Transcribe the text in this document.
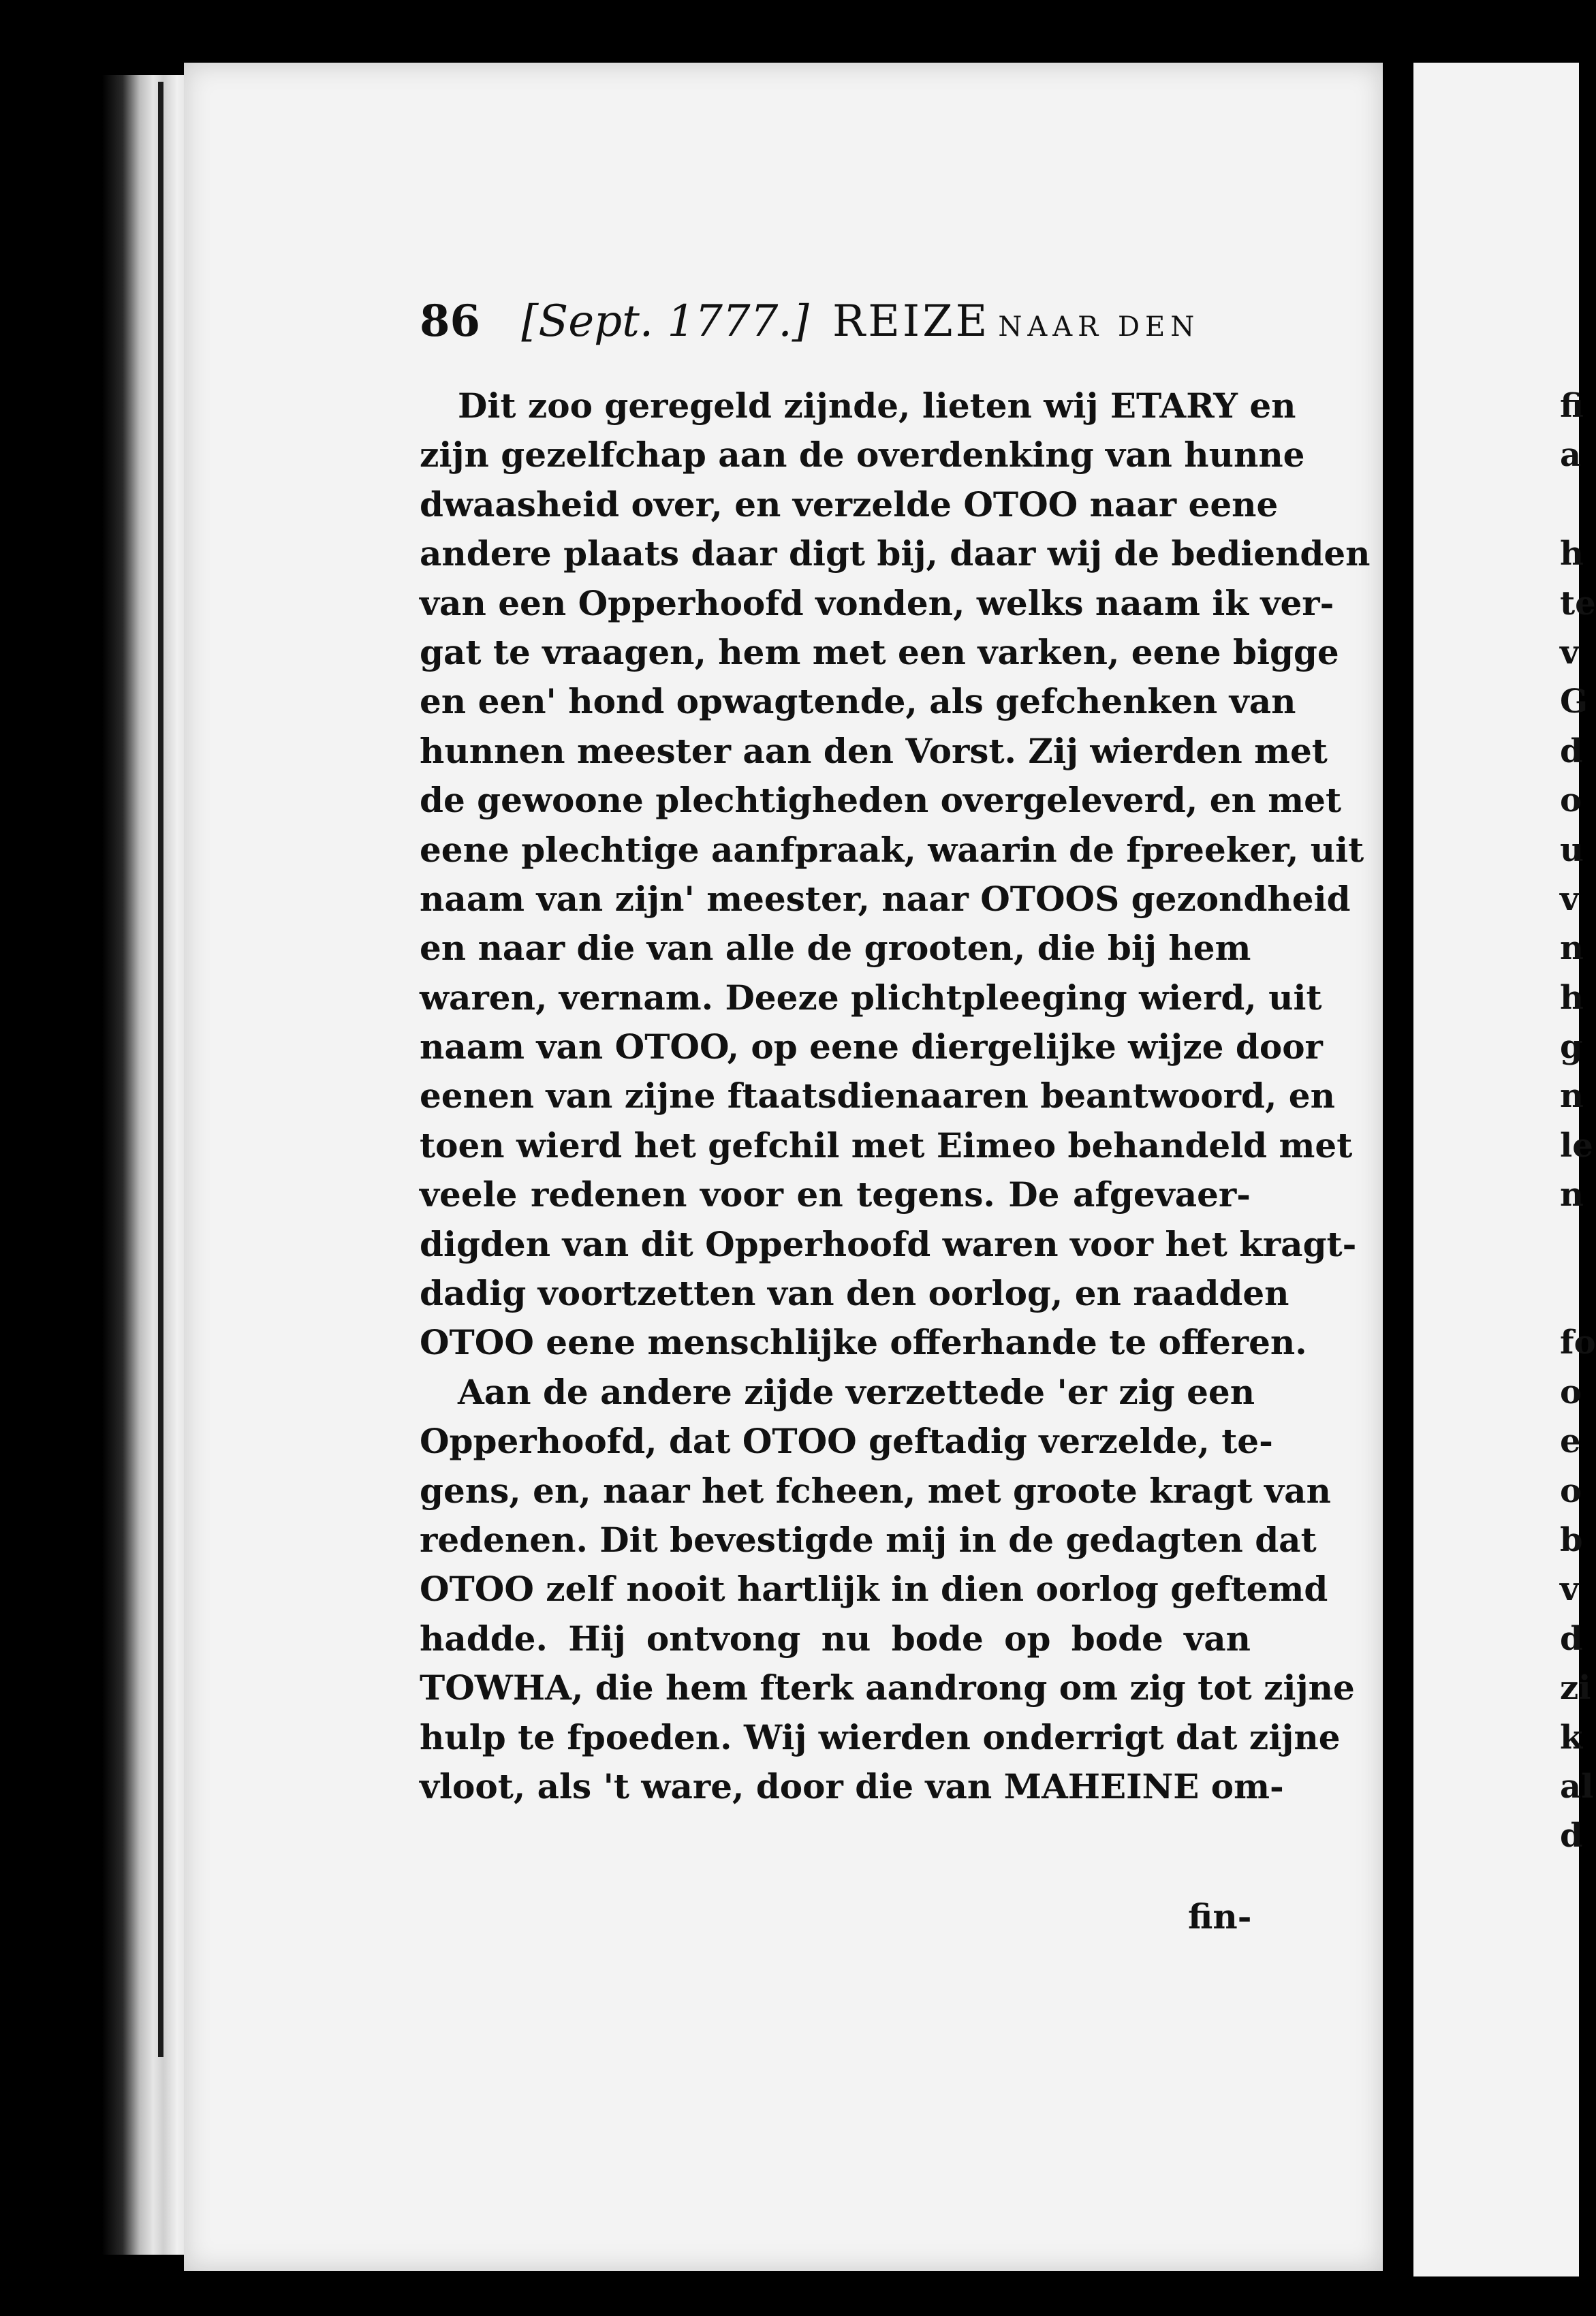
86 [Sept. 1777.] REIZE NAAR DEN
Dit zoo geregeld zijnde, lieten wij ETARY en
zijn gezelfchap aan de overdenking van hunne
dwaasheid over, en verzelde OTOO naar eene
andere plaats daar digt bij, daar wij de bedienden
van een Opperhoofd vonden, welks naam ik ver-
gat te vraagen, hem met een varken, eene bigge
en een' hond opwagtende, als gefchenken van
hunnen meester aan den Vorst. Zij wierden met
de gewoone plechtigheden overgeleverd, en met
eene plechtige aanfpraak, waarin de fpreeker, uit
naam van zijn' meester, naar OTOOS gezondheid
en naar die van alle de grooten, die bij hem
waren, vernam. Deeze plichtpleeging wierd, uit
naam van OTOO, op eene diergelijke wijze door
eenen van zijne ftaatsdienaaren beantwoord, en
toen wierd het gefchil met Eimeo behandeld met
veele redenen voor en tegens. De afgevaer-
digden van dit Opperhoofd waren voor het kragt-
dadig voortzetten van den oorlog, en raadden
OTOO eene menschlijke offerhande te offeren.
Aan de andere zijde verzettede 'er zig een
Opperhoofd, dat OTOO geftadig verzelde, te-
gens, en, naar het fcheen, met groote kragt van
redenen. Dit bevestigde mij in de gedagten dat
OTOO zelf nooit hartlijk in dien oorlog geftemd
hadde. Hij ontvong nu bode op bode van
TOWHA, die hem fterk aandrong om zig tot zijne
hulp te fpoeden. Wij wierden onderrigt dat zijne
vloot, als 't ware, door die van MAHEINE om-
fin-
fi
a
h
te
v
G
d
o
u
v
n
h
g
n
le
n
fo
o
e
o
b
v
d
zi
k
al
d
